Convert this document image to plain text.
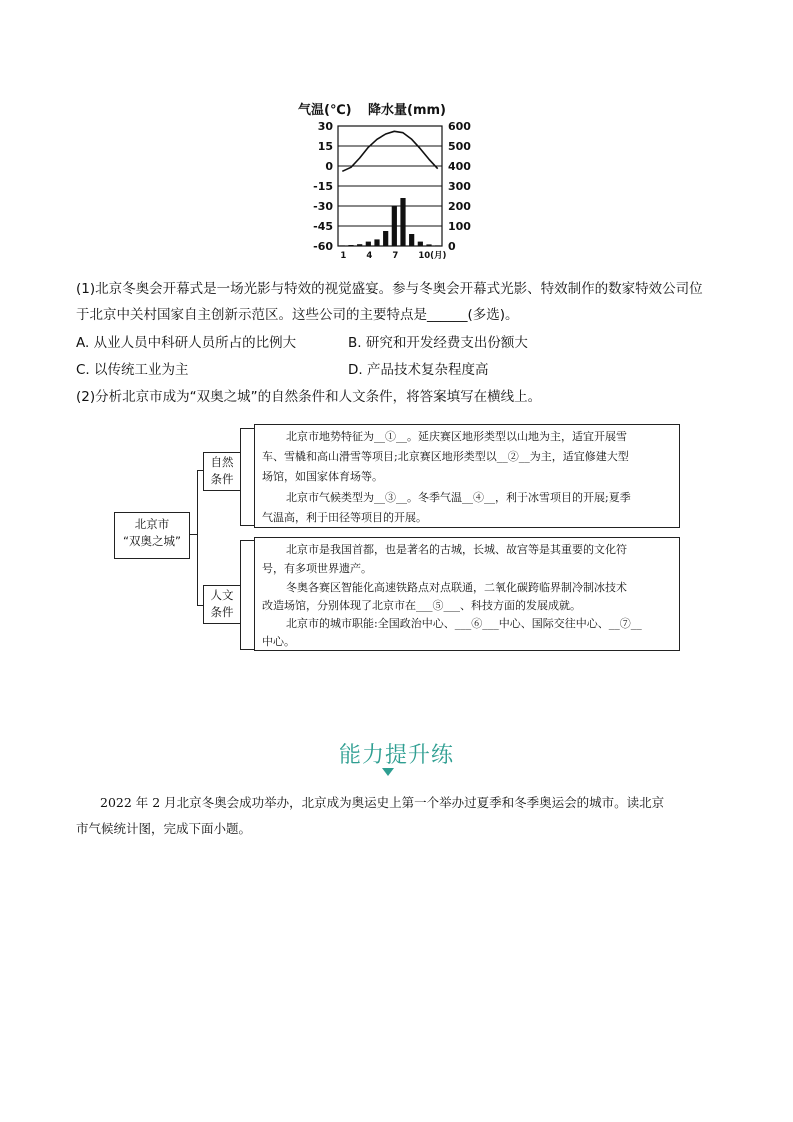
气温(℃) 降水量(mm)
30	600
15	500
0	400
-15	300
-30	200
-45	100
-60	0
1 4 7 10(月)
(1)北京冬奥会开幕式是一场光影与特效的视觉盛宴。参与冬奥会开幕式光影、特效制作的数家特效公司位
于北京中关村国家自主创新示范区。这些公司的主要特点是______(多选)。
A. 从业人员中科研人员所占的比例大	B. 研究和开发经费支出份额大
C. 以传统工业为主	D. 产品技术复杂程度高
(2)分析北京市成为“双奥之城”的自然条件和人文条件，将答案填写在横线上。
北京市
“双奥之城”
自然
条件
人文
条件
北京市地势特征为__①__。延庆赛区地形类型以山地为主，适宜开展雪
车、雪橇和高山滑雪等项目;北京赛区地形类型以__②__为主，适宜修建大型
场馆，如国家体育场等。
北京市气候类型为__③__。冬季气温__④__，利于冰雪项目的开展;夏季
气温高，利于田径等项目的开展。
北京市是我国首都，也是著名的古城，长城、故宫等是其重要的文化符
号，有多项世界遗产。
冬奥各赛区智能化高速铁路点对点联通，二氧化碳跨临界制冷制冰技术
改造场馆，分别体现了北京市在___⑤___、科技方面的发展成就。
北京市的城市职能:全国政治中心、___⑥___中心、国际交往中心、__⑦__
中心。
能力提升练
2022 年 2 月北京冬奥会成功举办，北京成为奥运史上第一个举办过夏季和冬季奥运会的城市。读北京
市气候统计图，完成下面小题。
